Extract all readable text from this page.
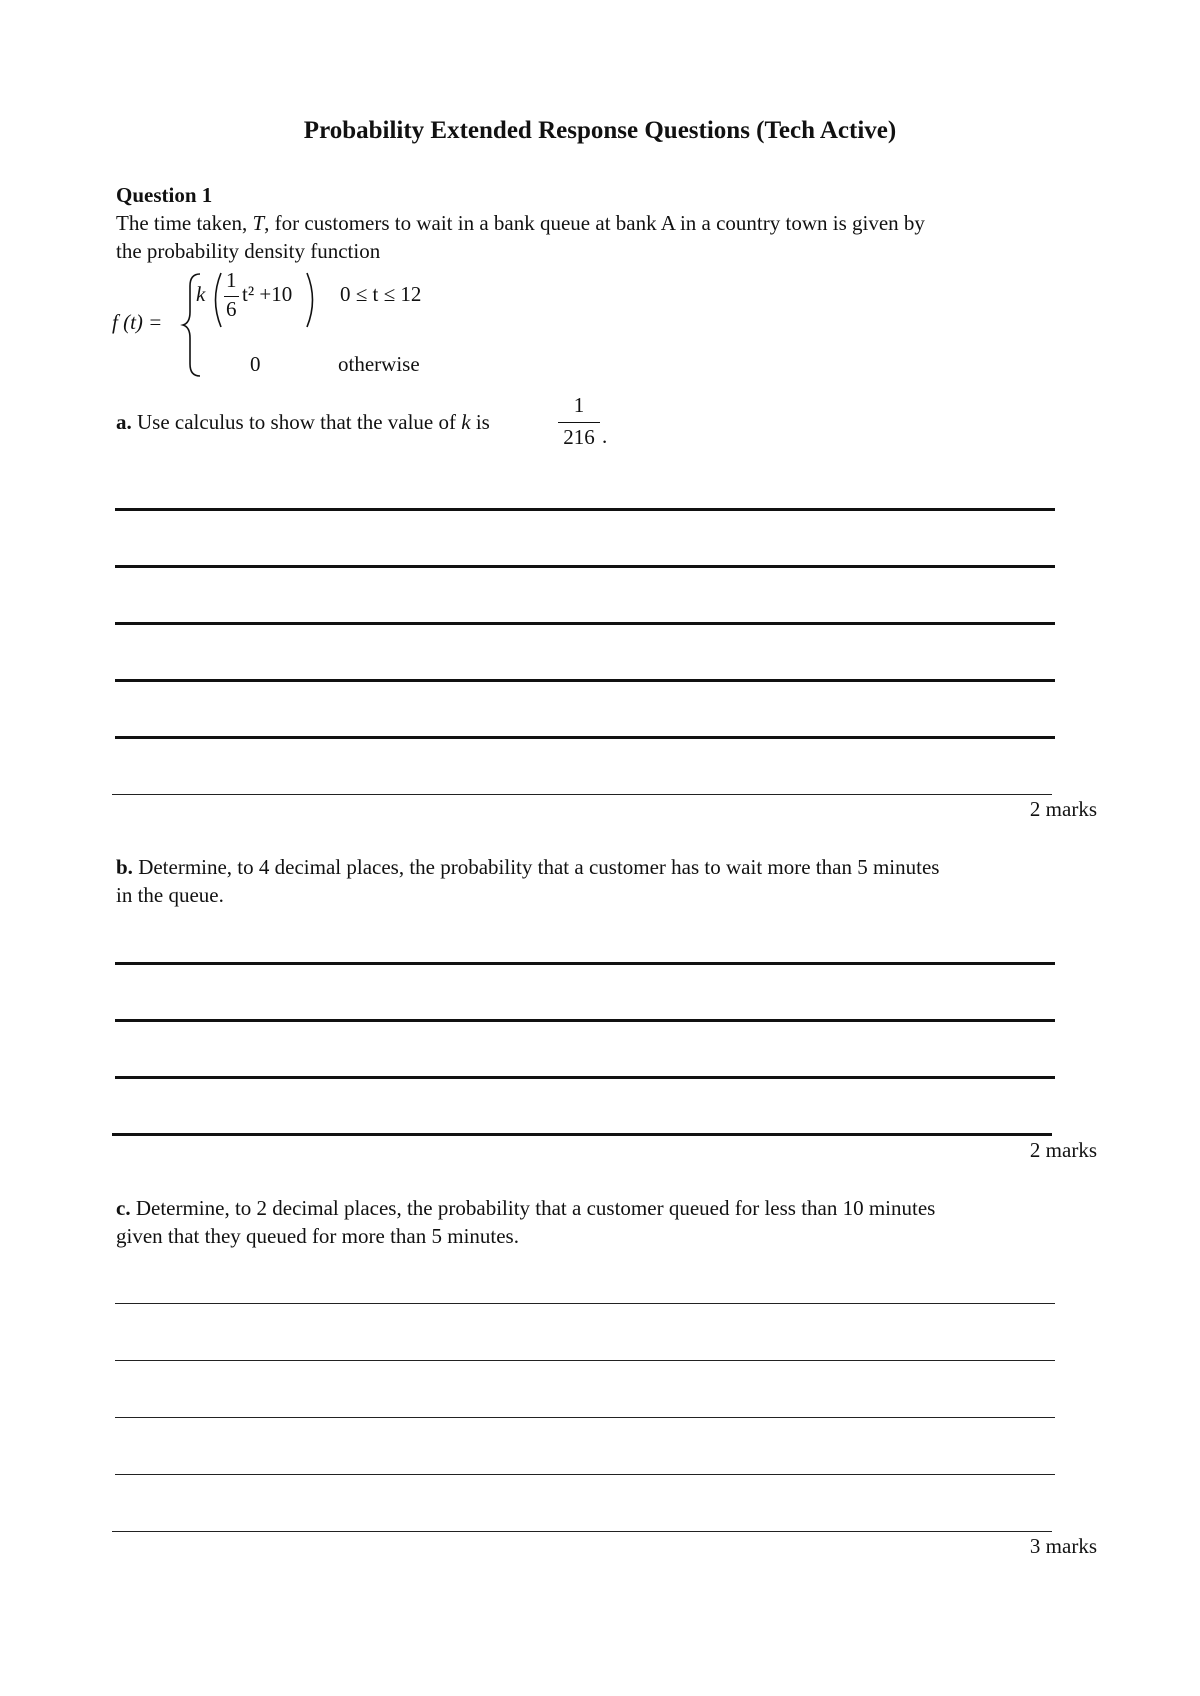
Probability Extended Response Questions (Tech Active)
Question 1
The time taken, T, for customers to wait in a bank queue at bank A in a country town is given by
the probability density function
f (t) =
k
1
6
t² +10 0 ≤ t ≤ 12
0	otherwise
a. Use calculus to show that the value of k is
1
216 .
2 marks
b. Determine, to 4 decimal places, the probability that a customer has to wait more than 5 minutes
in the queue.
2 marks
c. Determine, to 2 decimal places, the probability that a customer queued for less than 10 minutes
given that they queued for more than 5 minutes.
3 marks
